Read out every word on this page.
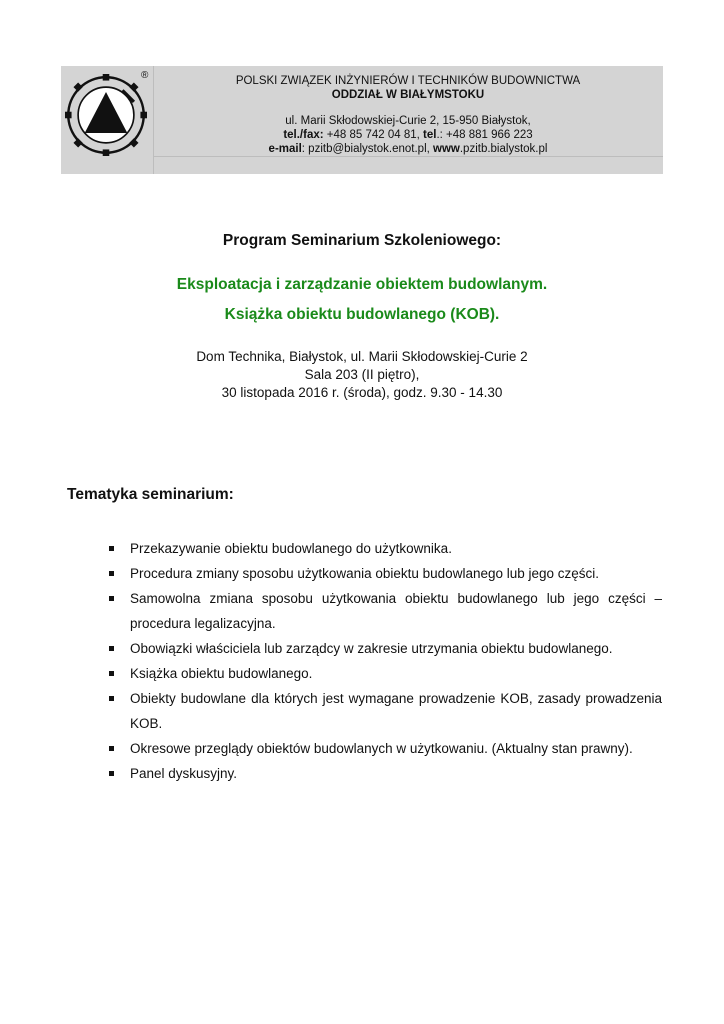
®	POLSKI ZWIĄZEK INŻYNIERÓW I TECHNIKÓW BUDOWNICTWA
ODDZIAŁ W BIAŁYMSTOKU
ul. Marii Skłodowskiej-Curie 2, 15-950 Białystok,
tel./fax: +48 85 742 04 81, tel.: +48 881 966 223
e-mail: pzitb@bialystok.enot.pl, www.pzitb.bialystok.pl
Program Seminarium Szkoleniowego:
Eksploatacja i zarządzanie obiektem budowlanym.
Książka obiektu budowlanego (KOB).
Dom Technika, Białystok, ul. Marii Skłodowskiej-Curie 2
Sala 203 (II piętro),
30 listopada 2016 r. (środa), godz. 9.30 - 14.30
Tematyka seminarium:
Przekazywanie obiektu budowlanego do użytkownika.
Procedura zmiany sposobu użytkowania obiektu budowlanego lub jego części.
Samowolna zmiana sposobu użytkowania obiektu budowlanego lub jego części – procedura legalizacyjna.
Obowiązki właściciela lub zarządcy w zakresie utrzymania obiektu budowlanego.
Książka obiektu budowlanego.
Obiekty budowlane dla których jest wymagane prowadzenie KOB, zasady prowadzenia KOB.
Okresowe przeglądy obiektów budowlanych w użytkowaniu. (Aktualny stan prawny).
Panel dyskusyjny.
